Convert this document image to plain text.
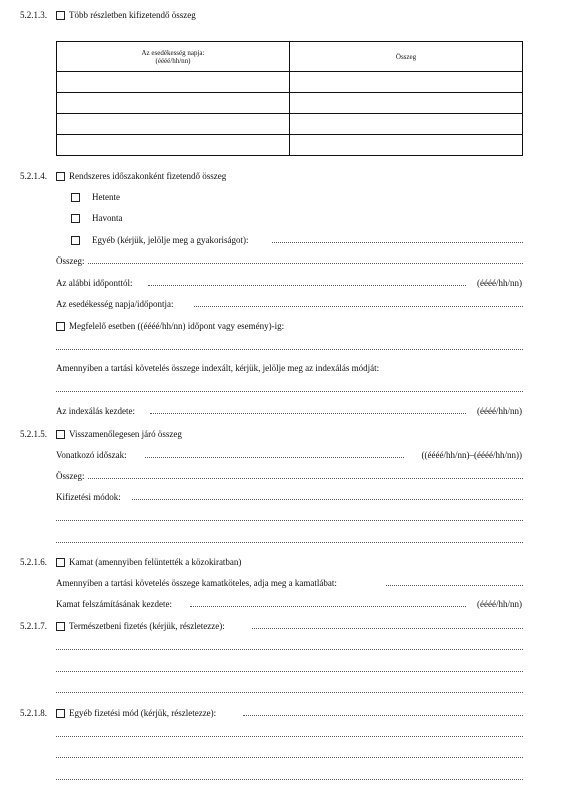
5.2.1.3. Több részletben kifizetendő összeg
Az esedékesség napja:
(éééé/hh/nn)	Összeg

5.2.1.4. Rendszeres időszakonként fizetendő összeg
Hetente
Havonta
Egyéb (kérjük, jelölje meg a gyakoriságot):
Összeg:
Az alábbi időponttól:	(éééé/hh/nn)
Az esedékesség napja/időpontja:
Megfelelő esetben ((éééé/hh/nn) időpont vagy esemény)-ig:
Amennyiben a tartási követelés összege indexált, kérjük, jelölje meg az indexálás módját:
Az indexálás kezdete:	(éééé/hh/nn)
5.2.1.5. Visszamenőlegesen járó összeg
Vonatkozó időszak:	((éééé/hh/nn)–(éééé/hh/nn))
Összeg:
Kifizetési módok:
5.2.1.6. Kamat (amennyiben felüntették a közokiratban)
Amennyiben a tartási követelés összege kamatköteles, adja meg a kamatlábat:
Kamat felszámításának kezdete:	(éééé/hh/nn)
5.2.1.7. Természetbeni fizetés (kérjük, részletezze):
5.2.1.8. Egyéb fizetési mód (kérjük, részletezze):
